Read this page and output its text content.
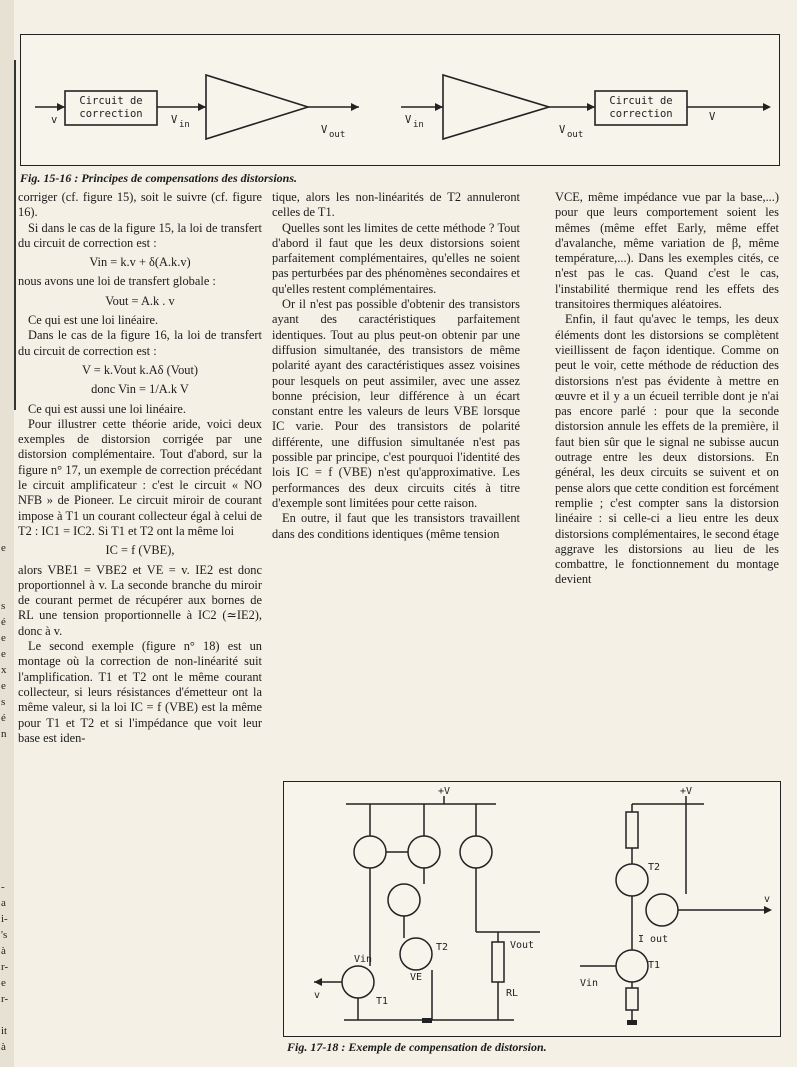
e
s
é
e
e
x
e
s
é
n
-
a
i-
's
à
r-
e
r-
it
à
Circuit de
correction
Circuit de
correction
v	V in	V out
V in	V out
V
Fig. 15-16 : Principes de compensations des distorsions.

corriger (cf. figure 15), soit le suivre (cf. figure 16).

Si dans le cas de la figure 15, la loi de transfert du circuit de correction est :

Vin = k.v + δ(A.k.v)

nous avons une loi de transfert globale :

Vout = A.k . v

Ce qui est une loi linéaire.

Dans le cas de la figure 16, la loi de transfert du circuit de correction est :

V = k.Vout k.Aδ (Vout)
donc Vin = 1/A.k V

Ce qui est aussi une loi linéaire.

Pour illustrer cette théorie aride, voici deux exemples de distorsion corrigée par une distorsion complémentaire. Tout d'abord, sur la figure n° 17, un exemple de correction précédant le circuit amplificateur : c'est le circuit « NO NFB » de Pioneer. Le circuit miroir de courant impose à T1 un courant collecteur égal à celui de T2 : IC1 = IC2. Si T1 et T2 ont la même loi

IC = f (VBE),

alors VBE1 = VBE2 et VE = v. IE2 est donc proportionnel à v. La seconde branche du miroir de courant permet de récupérer aux bornes de RL une tension proportionnelle à IC2 (≃IE2), donc à v.

Le second exemple (figure n° 18) est un montage où la correction de non-linéarité suit l'amplification. T1 et T2 ont le même courant collecteur, si leurs résistances d'émetteur ont la même valeur, si la loi IC = f (VBE) est la même pour T1 et T2 et si l'impédance que voit leur base est iden-

tique, alors les non-linéarités de T2 annuleront celles de T1.

Quelles sont les limites de cette méthode ? Tout d'abord il faut que les deux distorsions soient parfaitement complémentaires, qu'elles ne soient pas perturbées par des phénomènes secondaires et qu'elles restent complémentaires.

Or il n'est pas possible d'obtenir des transistors ayant des caractéristiques parfaitement identiques. Tout au plus peut-on obtenir par une diffusion simultanée, des transistors de même polarité ayant des caractéristiques assez voisines pour lesquels on peut assimiler, avec une assez bonne précision, leur différence à un écart constant entre les valeurs de leurs VBE lorsque IC varie. Pour des transistors de polarité différente, une diffusion simultanée n'est pas possible par principe, c'est pourquoi l'identité des lois IC = f (VBE) n'est qu'approximative. Les performances des deux circuits cités à titre d'exemple sont limitées pour cette raison.

En outre, il faut que les transistors travaillent dans des conditions identiques (même tension

VCE, même impédance vue par la base,...) pour que leurs comportement soient les mêmes (même effet Early, même effet d'avalanche, même variation de β, même température,...). Dans les exemples cités, ce n'est pas le cas. Quand c'est le cas, l'instabilité thermique rend les effets des transitoires thermiques aléatoires.

Enfin, il faut qu'avec le temps, les deux éléments dont les distorsions se complètent vieillissent de façon identique. Comme on peut le voir, cette méthode de réduction des distorsions n'est pas évidente à mettre en œuvre et il y a un écueil terrible dont je n'ai pas encore parlé : pour que la seconde distorsion annule les effets de la première, il faut bien sûr que le signal ne subisse aucun outrage entre les deux distorsions. En général, les deux circuits se suivent et on pense alors que cette condition est forcément remplie ; c'est compter sans la distorsion linéaire : si celle-ci a lieu entre les deux distorsions complémentaires, le second étage aggrave les distorsions au lieu de les combattre, le fonctionnement du montage devient

+V	+V
T1
T2
Vin
VE
v	RL
Vout
T1
T2
I out
Vin
v
Fig. 17-18 : Exemple de compensation de distorsion.
